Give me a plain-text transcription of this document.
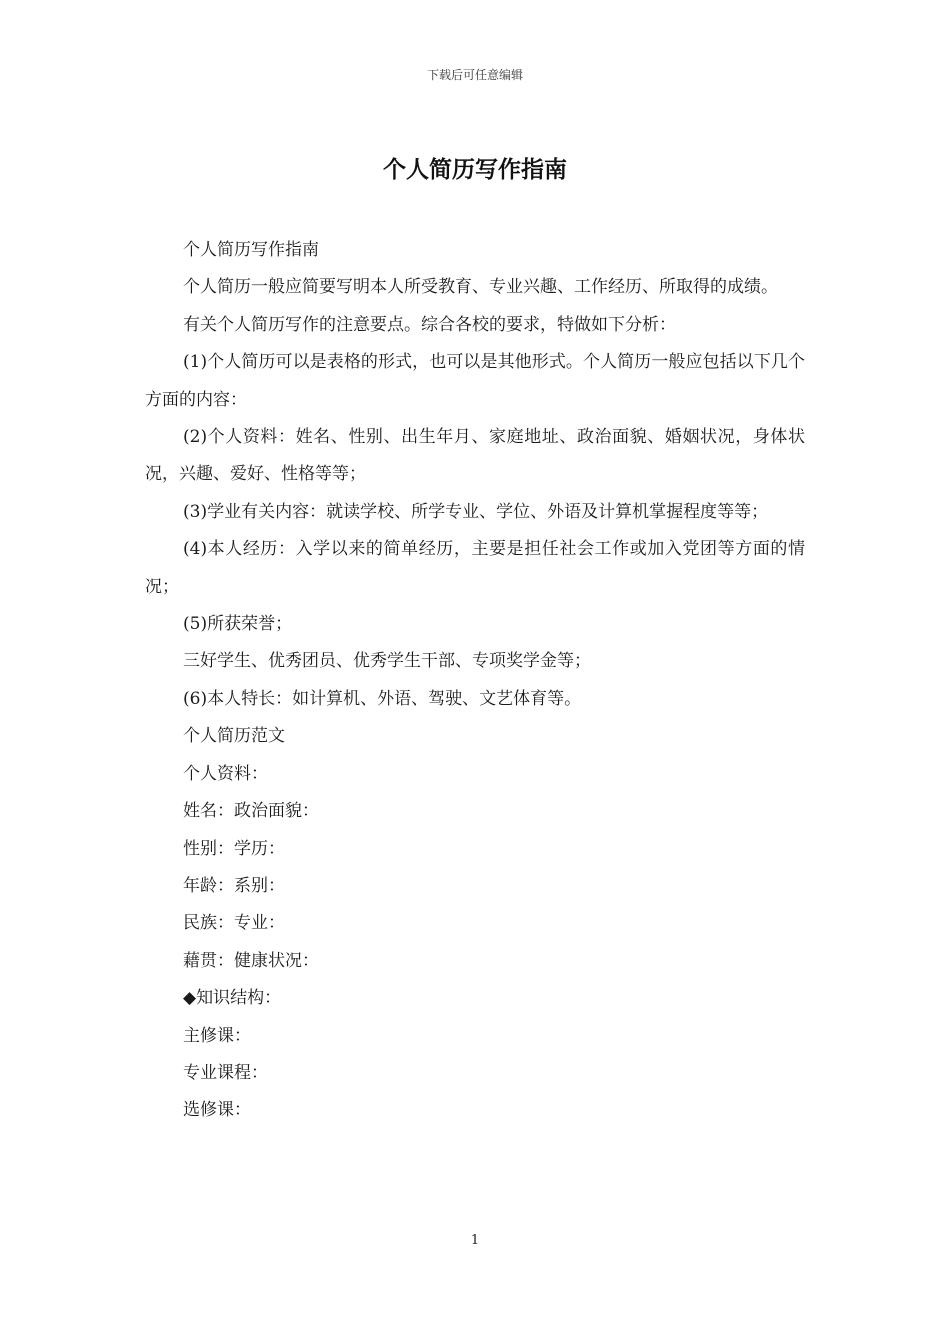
下载后可任意编辑
个人简历写作指南

个人简历写作指南

个人简历一般应简要写明本人所受教育、专业兴趣、工作经历、所取得的成绩。

有关个人简历写作的注意要点。综合各校的要求，特做如下分析：

(1)个人简历可以是表格的形式，也可以是其他形式。个人简历一般应包括以下几个方面的内容：

(2)个人资料：姓名、性别、出生年月、家庭地址、政治面貌、婚姻状况，身体状况，兴趣、爱好、性格等等；

(3)学业有关内容：就读学校、所学专业、学位、外语及计算机掌握程度等等；

(4)本人经历：入学以来的简单经历，主要是担任社会工作或加入党团等方面的情况；

(5)所获荣誉；

三好学生、优秀团员、优秀学生干部、专项奖学金等；

(6)本人特长：如计算机、外语、驾驶、文艺体育等。

个人简历范文

个人资料：

姓名：政治面貌：

性别：学历：

年龄：系别：

民族：专业：

藉贯：健康状况：

◆知识结构：

主修课：

专业课程：

选修课：

1
